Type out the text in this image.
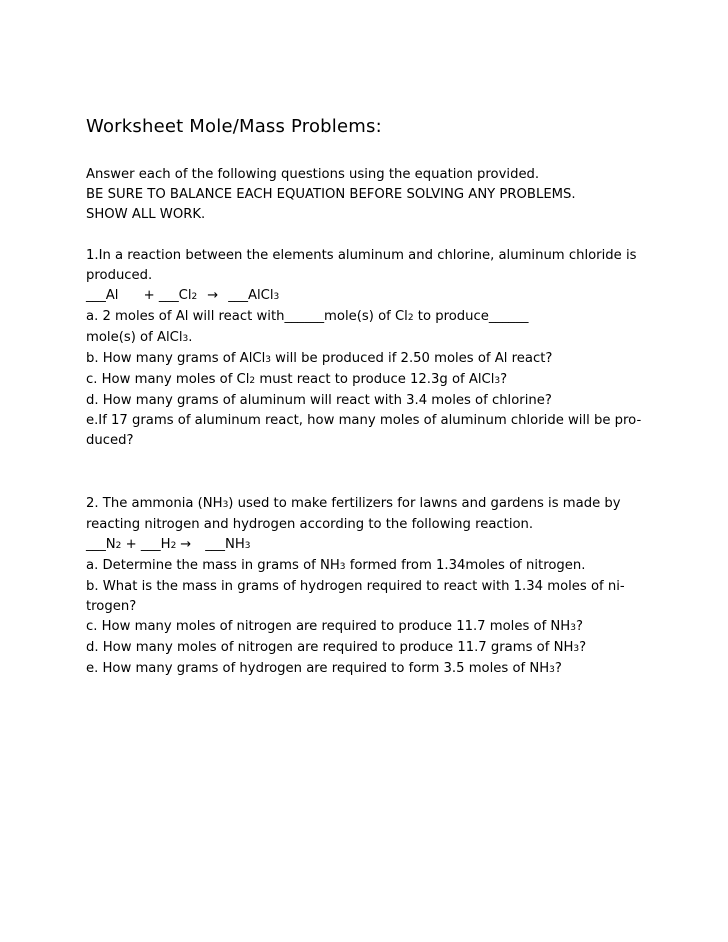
Worksheet Mole/Mass Problems:
Answer each of the following questions using the equation provided.
BE SURE TO BALANCE EACH EQUATION BEFORE SOLVING ANY PROBLEMS.
SHOW ALL WORK.
1.In a reaction between the elements aluminum and chlorine, aluminum chloride is produced.
___Al + ___Cl2 → ___AlCl3
a. 2 moles of Al will react with______mole(s) of Cl2 to produce______
mole(s) of AlCl3.
b. How many grams of AlCl3 will be produced if 2.50 moles of Al react?
c. How many moles of Cl2 must react to produce 12.3g of AlCl3?
d. How many grams of aluminum will react with 3.4 moles of chlorine?
e.If 17 grams of aluminum react, how many moles of aluminum chloride will be pro-
duced?
2. The ammonia (NH3) used to make fertilizers for lawns and gardens is made by
reacting nitrogen and hydrogen according to the following reaction.
___N2 + ___H2 → ___NH3
a. Determine the mass in grams of NH3 formed from 1.34moles of nitrogen.
b. What is the mass in grams of hydrogen required to react with 1.34 moles of ni-
trogen?
c. How many moles of nitrogen are required to produce 11.7 moles of NH3?
d. How many moles of nitrogen are required to produce 11.7 grams of NH3?
e. How many grams of hydrogen are required to form 3.5 moles of NH3?
